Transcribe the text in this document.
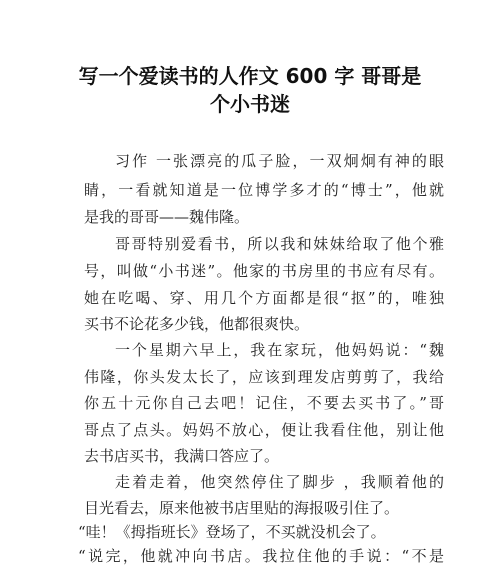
写一个爱读书的人作文 600 字 哥哥是
个小书迷
习作 一张漂亮的瓜子脸，一双炯炯有神的眼
睛，一看就知道是一位博学多才的“博士”，他就
是我的哥哥——魏伟隆。
哥哥特别爱看书，所以我和妹妹给取了他个雅
号，叫做“小书迷”。他家的书房里的书应有尽有。
她在吃喝、穿、用几个方面都是很“抠”的，唯独
买书不论花多少钱，他都很爽快。
一个星期六早上，我在家玩，他妈妈说：“魏
伟隆，你头发太长了，应该到理发店剪剪了，我给
你五十元你自己去吧！记住，不要去买书了。”哥
哥点了点头。妈妈不放心，便让我看住他，别让他
去书店买书，我满口答应了。
走着走着，他突然停住了脚步 ，我顺着他的
目光看去，原来他被书店里贴的海报吸引住了。
“哇！《拇指班长》登场了，不买就没机会了。
“说完，他就冲向书店。我拉住他的手说：“不是
